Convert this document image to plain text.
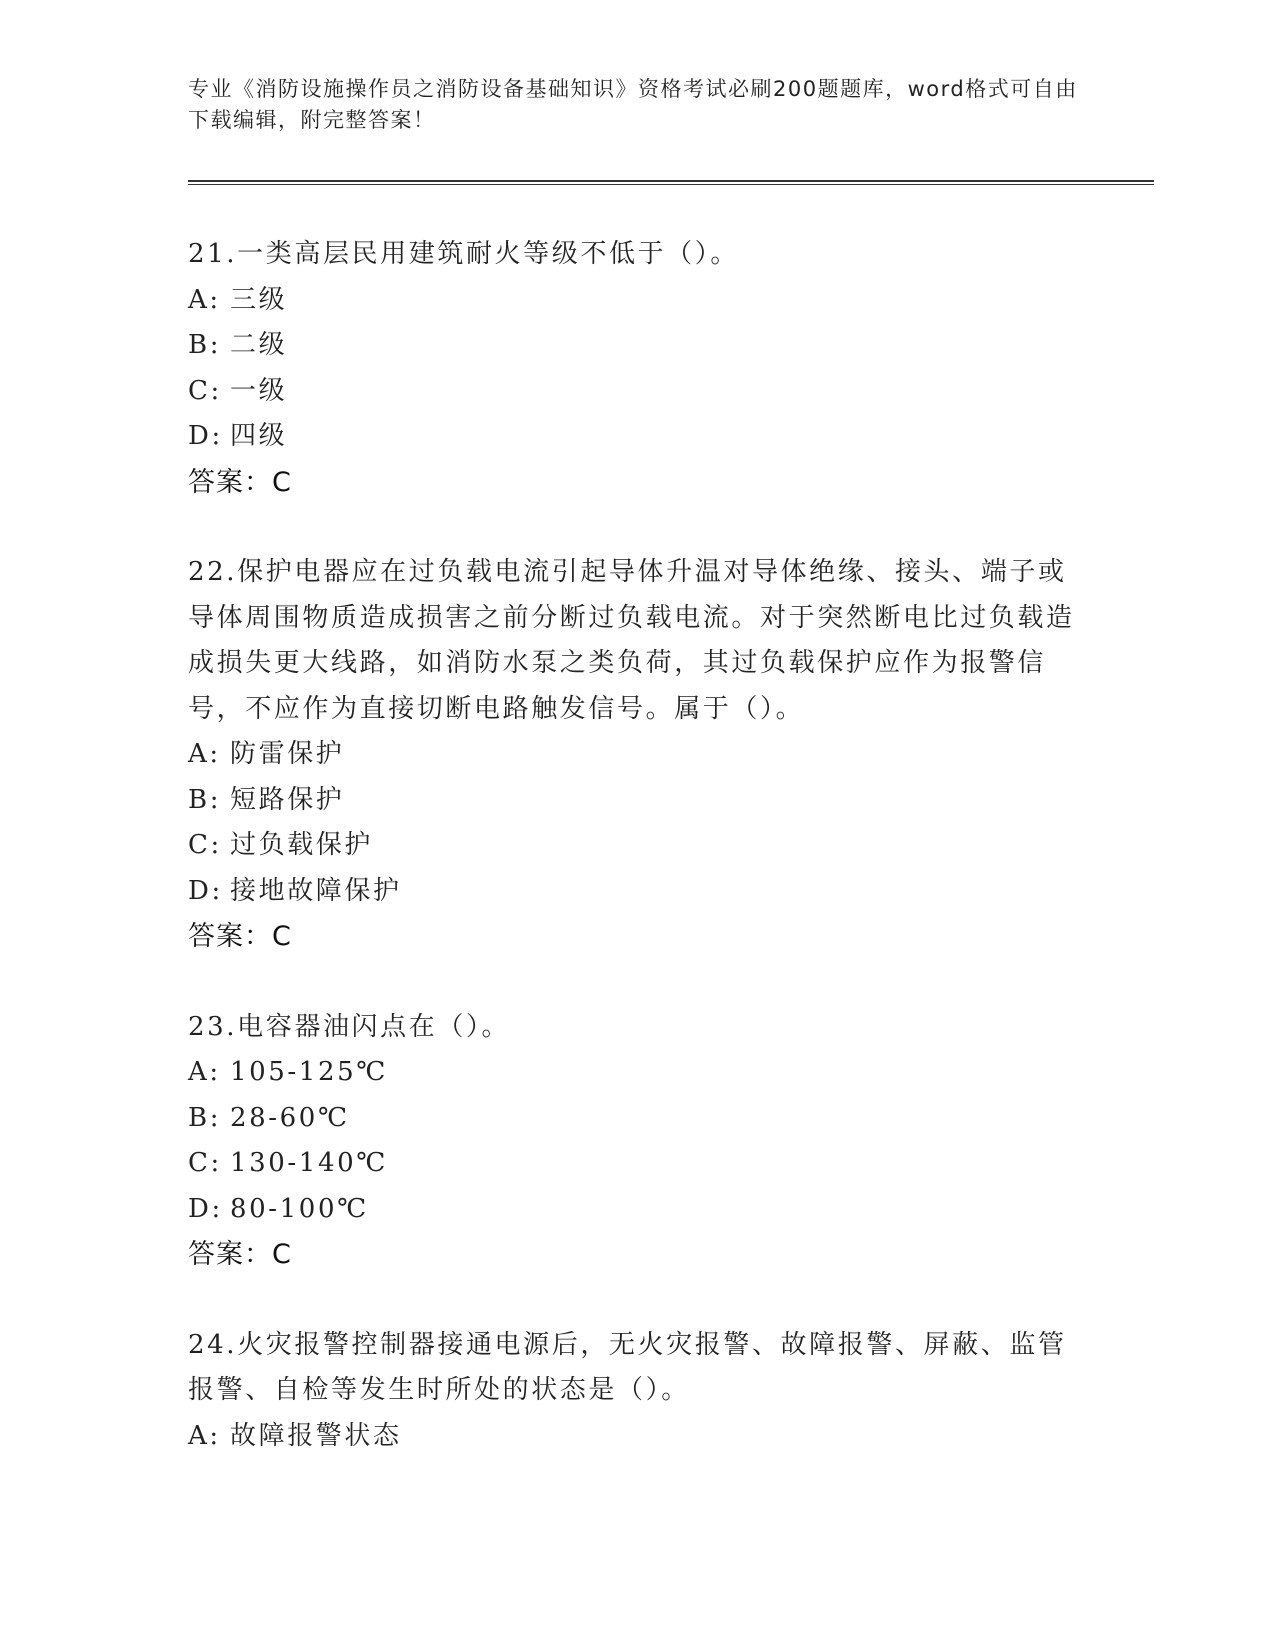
专业《消防设施操作员之消防设备基础知识》资格考试必刷200题题库，word格式可自由下载编辑，附完整答案！
21.一类高层民用建筑耐火等级不低于（）。
A: 三级
B: 二级
C: 一级
D: 四级
答案：C
22.保护电器应在过负载电流引起导体升温对导体绝缘、接头、端子或导体周围物质造成损害之前分断过负载电流。对于突然断电比过负载造成损失更大线路，如消防水泵之类负荷，其过负载保护应作为报警信号，不应作为直接切断电路触发信号。属于（）。
A: 防雷保护
B: 短路保护
C: 过负载保护
D: 接地故障保护
答案：C
23.电容器油闪点在（）。
A: 105-125℃
B: 28-60℃
C: 130-140℃
D: 80-100℃
答案：C
24.火灾报警控制器接通电源后，无火灾报警、故障报警、屏蔽、监管报警、自检等发生时所处的状态是（）。
A: 故障报警状态
